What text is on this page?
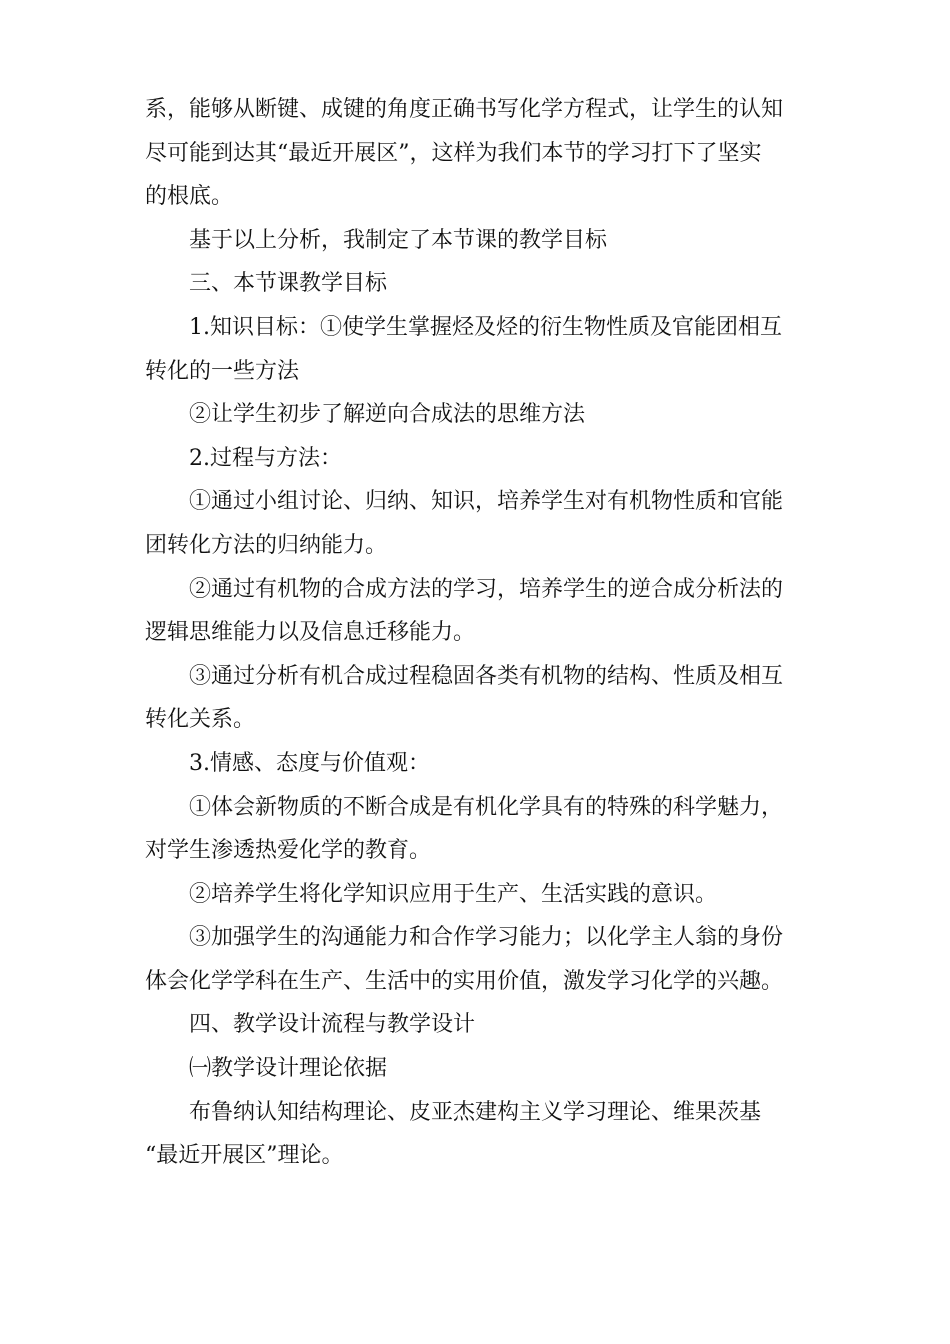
系，能够从断键、成键的角度正确书写化学方程式，让学生的认知
尽可能到达其“最近开展区”，这样为我们本节的学习打下了坚实
的根底。
基于以上分析，我制定了本节课的教学目标
三、本节课教学目标
1.知识目标：①使学生掌握烃及烃的衍生物性质及官能团相互
转化的一些方法
②让学生初步了解逆向合成法的思维方法
2.过程与方法：
①通过小组讨论、归纳、知识，培养学生对有机物性质和官能
团转化方法的归纳能力。
②通过有机物的合成方法的学习，培养学生的逆合成分析法的
逻辑思维能力以及信息迁移能力。
③通过分析有机合成过程稳固各类有机物的结构、性质及相互
转化关系。
3.情感、态度与价值观：
①体会新物质的不断合成是有机化学具有的特殊的科学魅力，
对学生渗透热爱化学的教育。
②培养学生将化学知识应用于生产、生活实践的意识。
③加强学生的沟通能力和合作学习能力；以化学主人翁的身份
体会化学学科在生产、生活中的实用价值，激发学习化学的兴趣。
四、教学设计流程与教学设计
㈠教学设计理论依据
布鲁纳认知结构理论、皮亚杰建构主义学习理论、维果茨基
“最近开展区”理论。
